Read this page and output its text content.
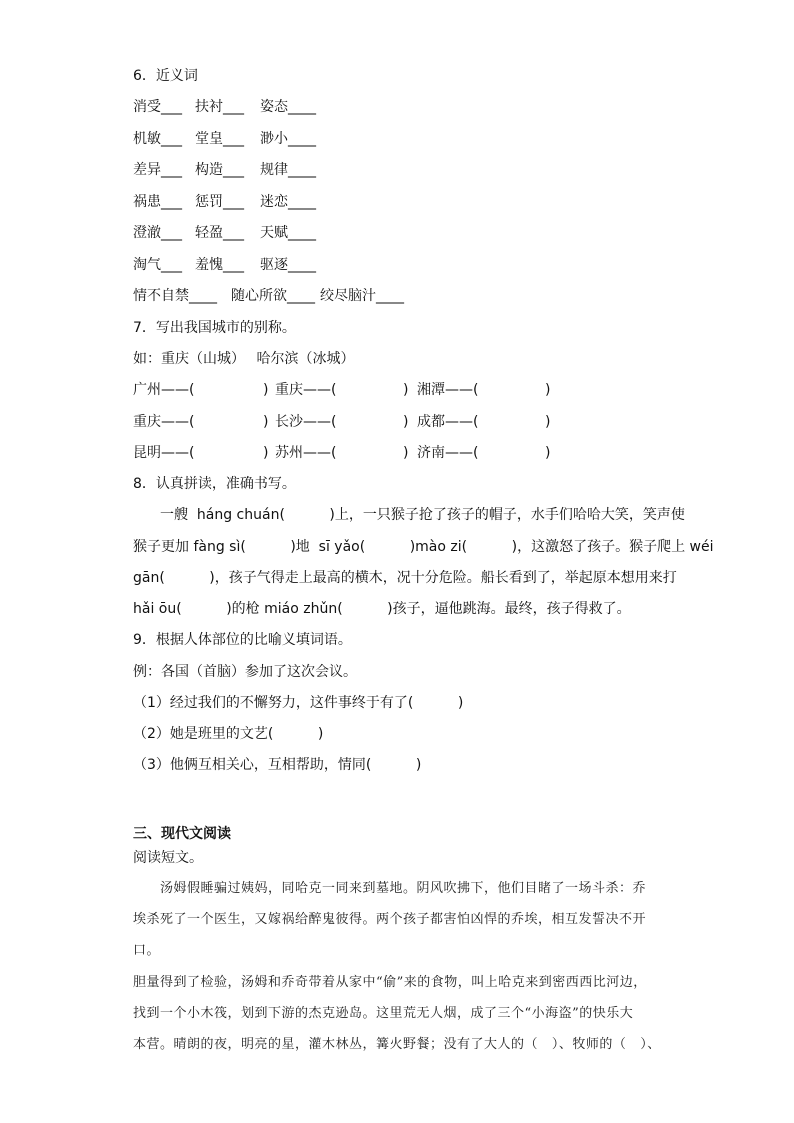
6．近义词
消受___ 扶衬___ 姿态____
机敏___ 堂皇___ 渺小____
差异___ 构造___ 规律____
祸患___ 惩罚___ 迷恋____
澄澈___ 轻盈___ 天赋____
淘气___ 羞愧___ 驱逐____
情不自禁____ 随心所欲____ 绞尽脑汁____
7．写出我国城市的别称。
如：重庆（山城）　 哈尔滨（冰城）
广州——(	) 重庆——(	) 湘潭——(	)
重庆——(	) 长沙——(	) 成都——(	)
昆明——(	) 苏州——(	) 济南——(	)
8．认真拼读，准确书写。
一艘  háng chuán(          )上，一只猴子抢了孩子的帽子，水手们哈哈大笑，笑声使
猴子更加 fàng sì(          )地  sī yǎo(          )mào zi(          )，这激怒了孩子。猴子爬上 wéi
gān(          )，孩子气得走上最高的横木，况十分危险。船长看到了，举起原本想用来打
hǎi ōu(          )的枪 miáo zhǔn(          )孩子，逼他跳海。最终，孩子得救了。
9．根据人体部位的比喻义填词语。
例：各国（首脑）参加了这次会议。
（1）经过我们的不懈努力，这件事终于有了(          )
（2）她是班里的文艺(          )
（3）他俩互相关心，互相帮助，情同(          )
三、现代文阅读
阅读短文。
汤姆假睡骗过姨妈，同哈克一同来到墓地。阴风吹拂下，他们目睹了一场斗杀：乔
埃杀死了一个医生，又嫁祸给醉鬼彼得。两个孩子都害怕凶悍的乔埃，相互发誓决不开
口。
胆量得到了检验，汤姆和乔奇带着从家中“偷”来的食物，叫上哈克来到密西西比河边，
找到一个小木筏，划到下游的杰克逊岛。这里荒无人烟，成了三个“小海盗”的快乐大
本营。晴朗的夜，明亮的星，灌木林丛，篝火野餐；没有了大人的（   ）、牧师的（   ）、
